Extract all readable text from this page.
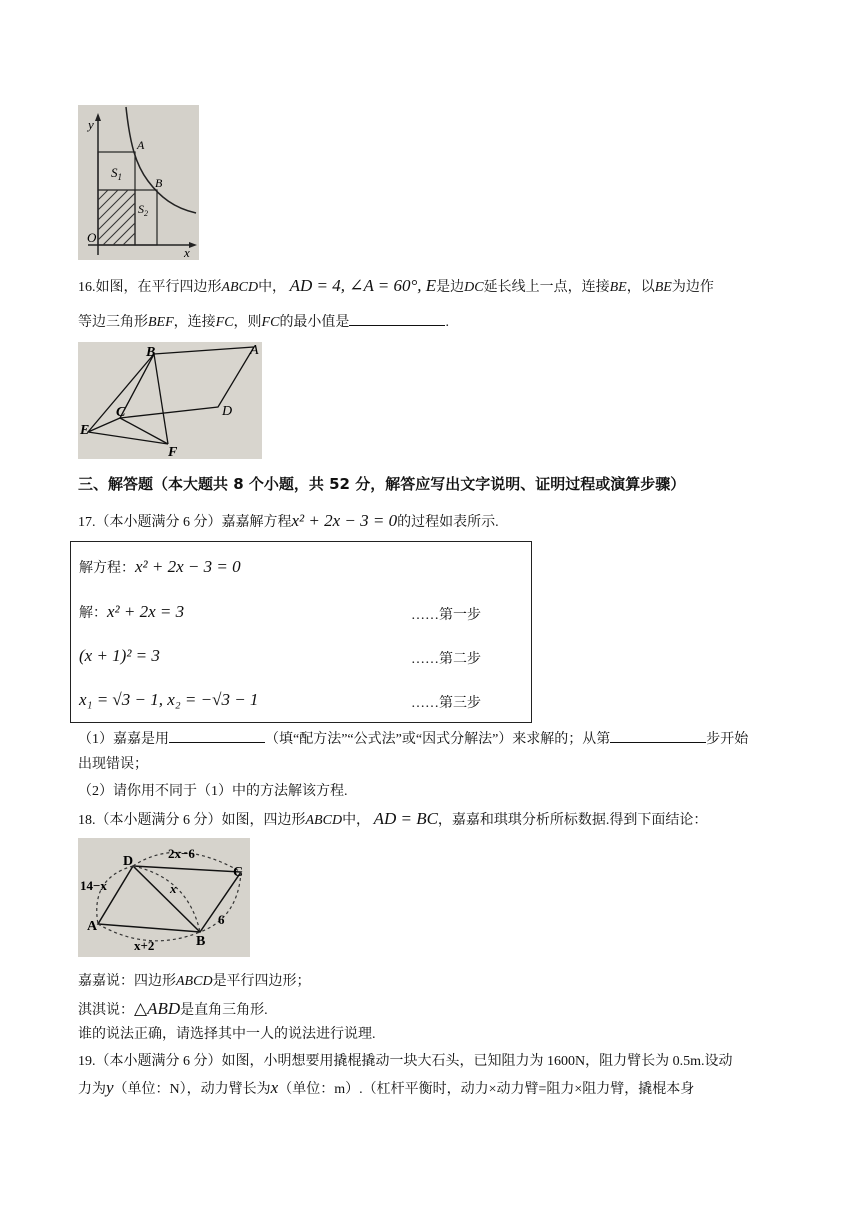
y
x
O
A
B
$S_1$
$S_2$
16.如图，在平行四边形ABCD中， AD = 4, ∠A = 60°, E是边DC延长线上一点，连接BE，以BE为边作
等边三角形BEF，连接FC，则FC的最小值是	.
B	A
C	D
E
F
三、解答题（本大题共 8 个小题，共 52 分，解答应写出文字说明、证明过程或演算步骤）
17.（本小题满分 6 分）嘉嘉解方程x² + 2x − 3 = 0的过程如表所示.
解方程：x² + 2x − 3 = 0
解：x² + 2x = 3	……第一步
(x + 1)² = 3	……第二步
x₁ = √3 − 1, x₂ = −√3 − 1	……第三步
（1）嘉嘉是用	（填“配方法”“公式法”或“因式分解法”）来求解的；从第	步开始
出现错误；
（2）请你用不同于（1）中的方法解该方程.
18.（本小题满分 6 分）如图，四边形ABCD中， AD = BC，嘉嘉和琪琪分析所标数据.得到下面结论：
D
C
A
B
2x−6
14−x	x
6
x+2
嘉嘉说：四边形ABCD是平行四边形；
淇淇说：△ABD是直角三角形.
谁的说法正确，请选择其中一人的说法进行说理.
19.（本小题满分 6 分）如图，小明想要用撬棍撬动一块大石头，已知阻力为 1600N，阻力臂长为 0.5m.设动
力为y（单位：N），动力臂长为x（单位：m）.（杠杆平衡时，动力×动力臂=阻力×阻力臂，撬棍本身
